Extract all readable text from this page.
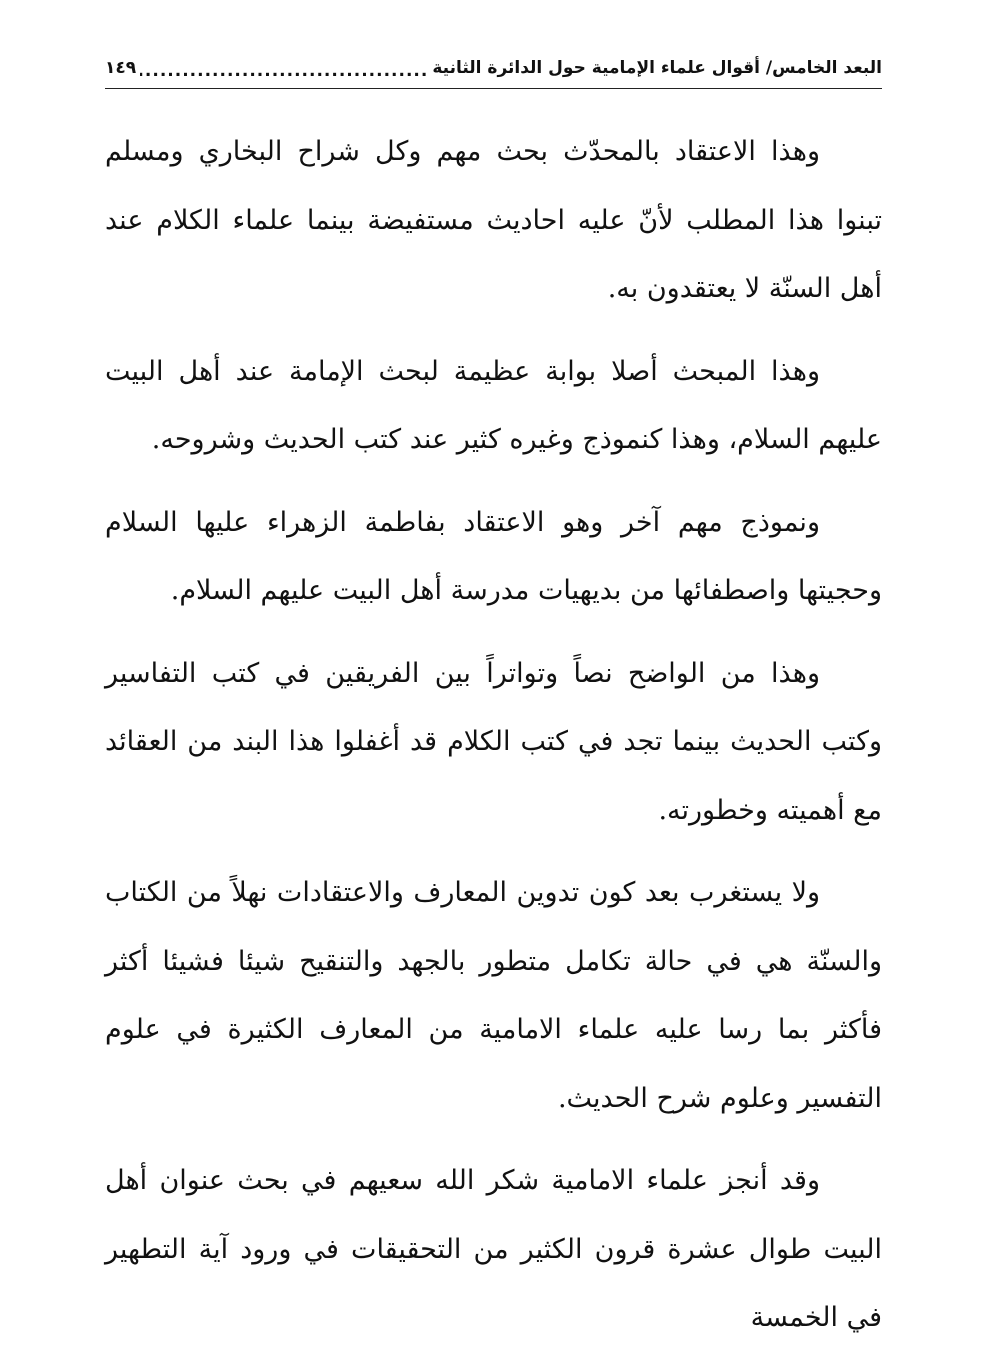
البعد الخامس/ أقوال علماء الإمامية حول الدائرة الثانية
.....
١٤٩

وهذا الاعتقاد بالمحدّث بحث مهم وكل شراح البخاري ومسلم تبنوا هذا المطلب لأنّ عليه احاديث مستفيضة بينما علماء الكلام عند أهل السنّة لا يعتقدون به.

وهذا المبحث أصلا بوابة عظيمة لبحث الإمامة عند أهل البيت عليهم السلام، وهذا كنموذج وغيره كثير عند كتب الحديث وشروحه.

ونموذج مهم آخر وهو الاعتقاد بفاطمة الزهراء عليها السلام وحجيتها واصطفائها من بديهيات مدرسة أهل البيت عليهم السلام.

وهذا من الواضح نصاً وتواتراً بين الفريقين في كتب التفاسير وكتب الحديث بينما تجد في كتب الكلام قد أغفلوا هذا البند من العقائد مع أهميته وخطورته.

ولا يستغرب بعد كون تدوين المعارف والاعتقادات نهلاً من الكتاب والسنّة هي في حالة تكامل متطور بالجهد والتنقيح شيئا فشيئا أكثر فأكثر بما رسا عليه علماء الامامية من المعارف الكثيرة في علوم التفسير وعلوم شرح الحديث.

وقد أنجز علماء الامامية شكر الله سعيهم في بحث عنوان أهل البيت طوال عشرة قرون الكثير من التحقيقات في ورود آية التطهير في الخمسة
